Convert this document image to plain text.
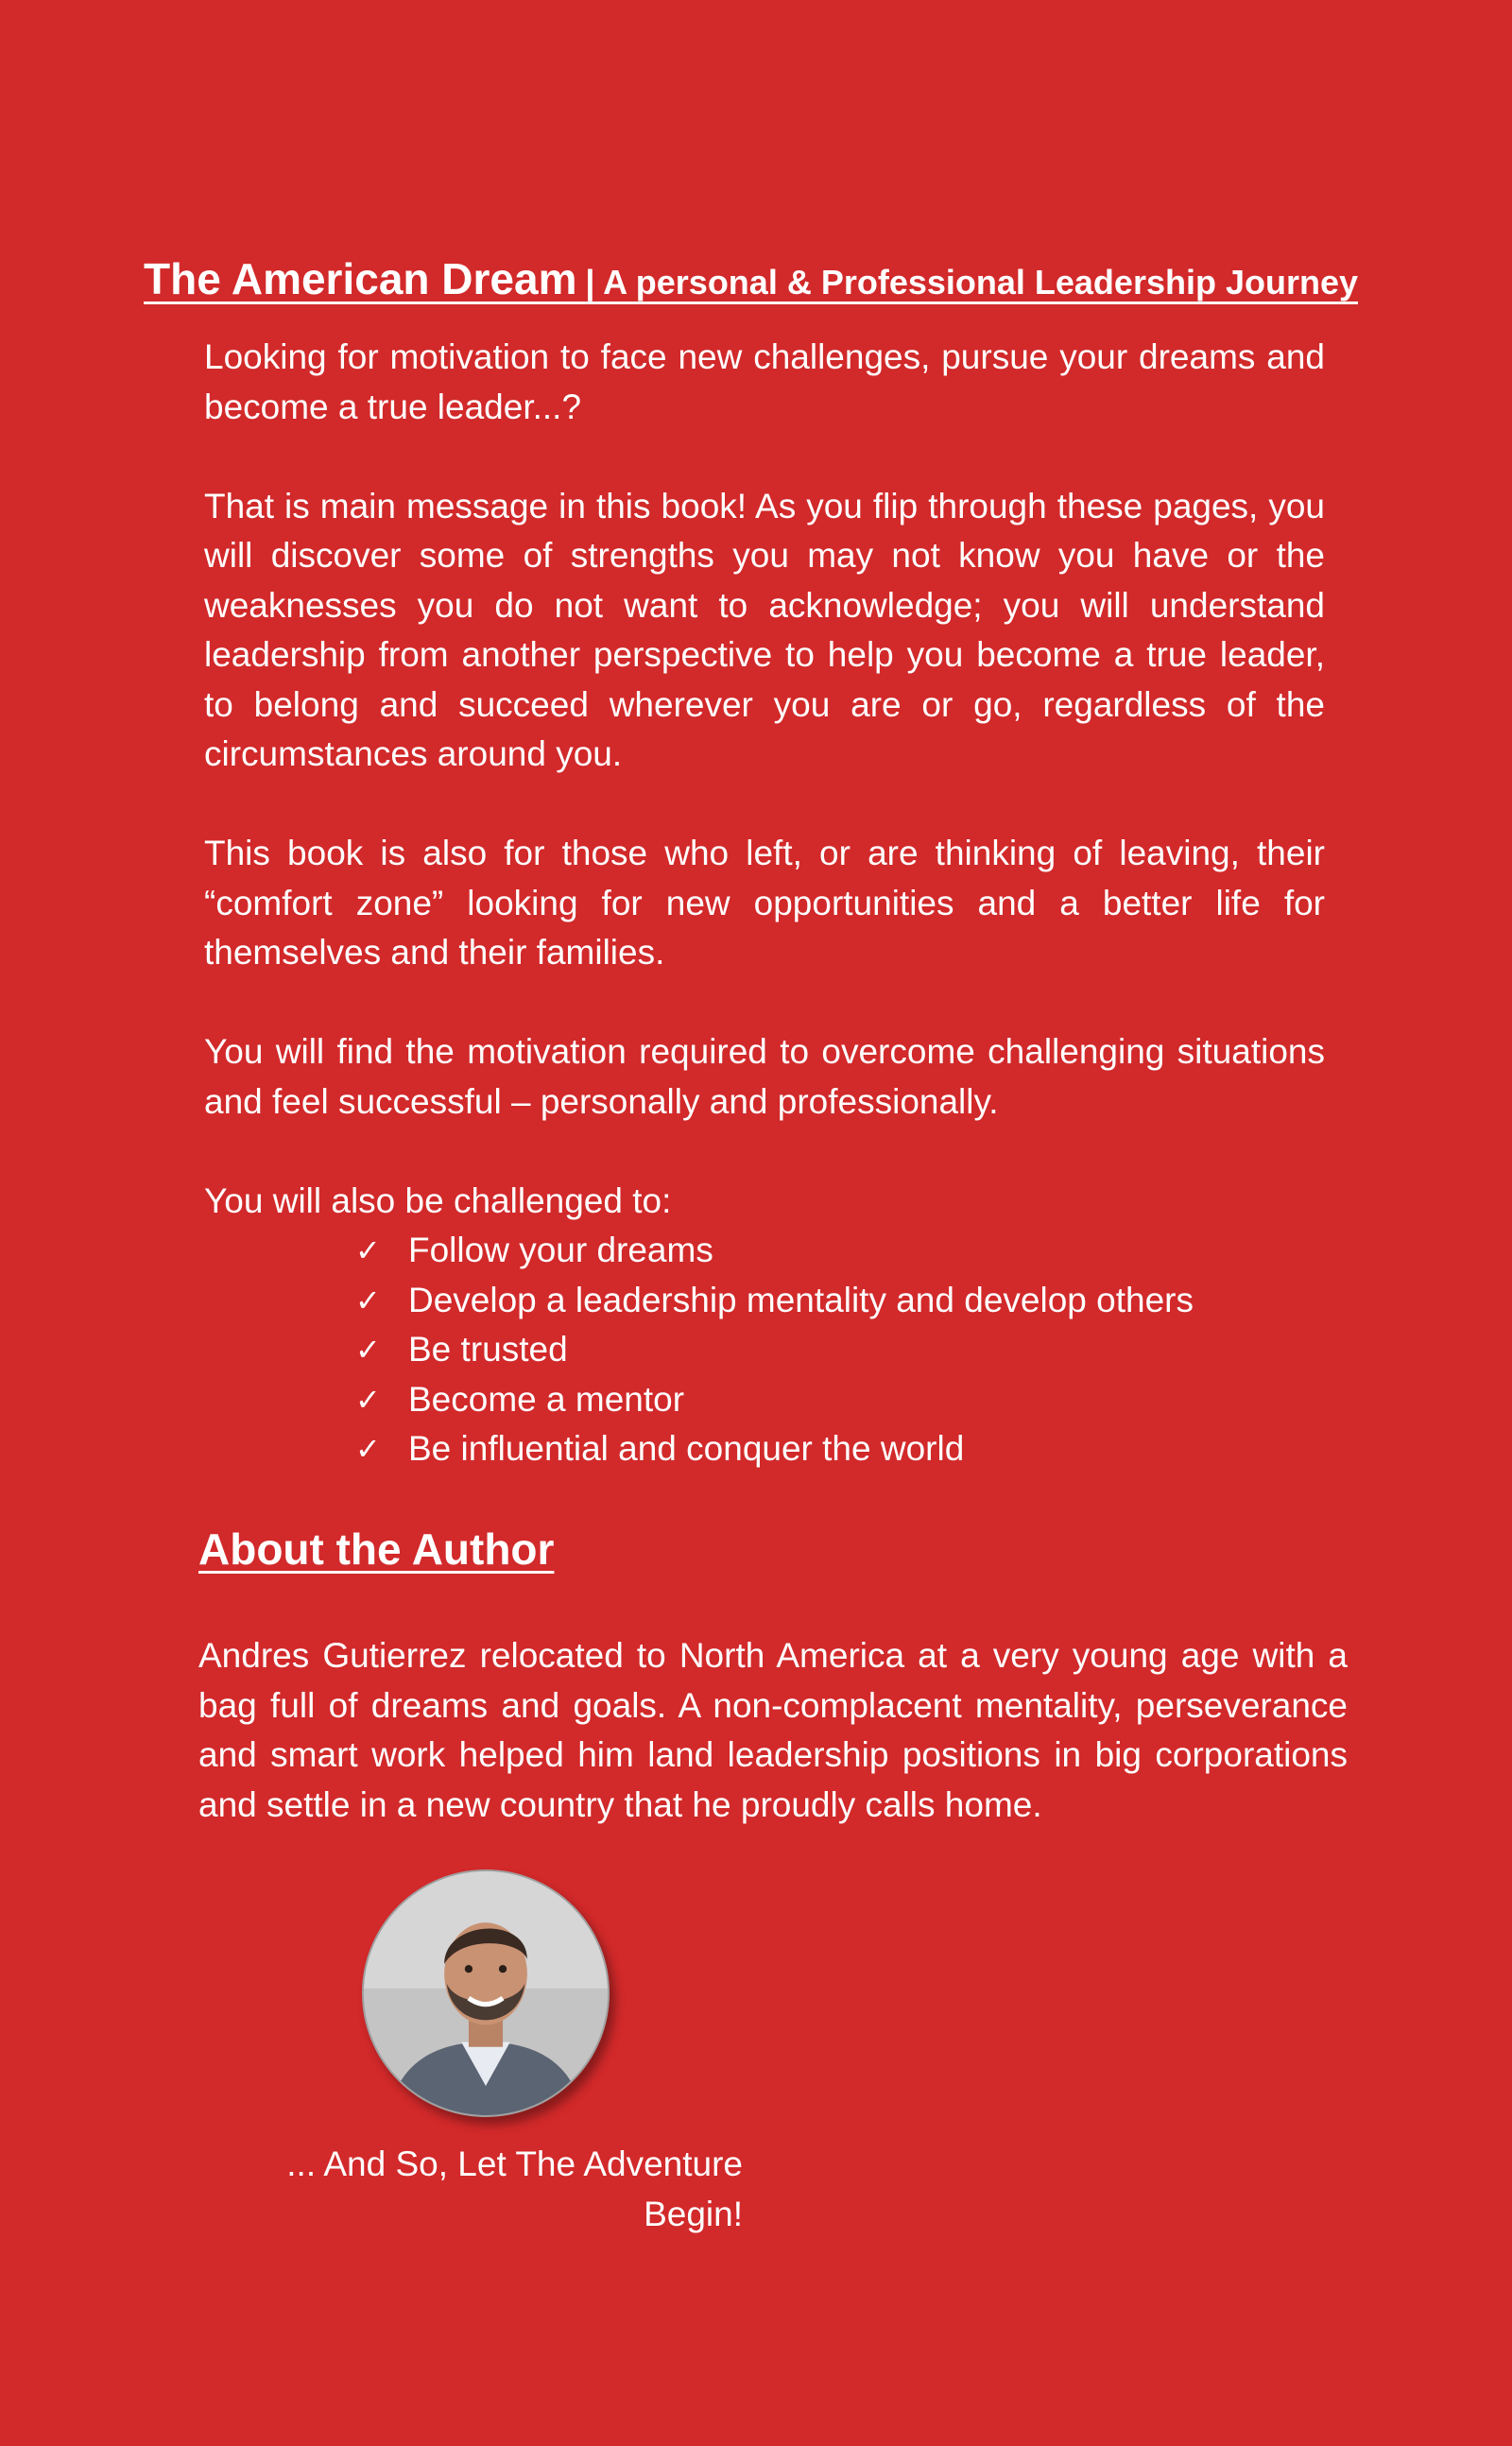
The American Dream | A personal & Professional Leadership Journey

Looking for motivation to face new challenges, pursue your dreams and become a true leader...?

That is main message in this book! As you flip through these pages, you will discover some of strengths you may not know you have or the weaknesses you do not want to acknowledge; you will understand leadership from another perspective to help you become a true leader, to belong and succeed wherever you are or go, regardless of the circumstances around you.

This book is also for those who left, or are thinking of leaving, their “comfort zone” looking for new opportunities and a better life for themselves and their families.

You will find the motivation required to overcome challenging situations and feel successful – personally and professionally.

You will also be challenged to:
✓ Follow your dreams
✓ Develop a leadership mentality and develop others
✓ Be trusted
✓ Become a mentor
✓ Be influential and conquer the world
About the Author

Andres Gutierrez relocated to North America at a very young age with a bag full of dreams and goals. A non-complacent mentality, perseverance and smart work helped him land leadership positions in big corporations and settle in a new country that he proudly calls home.

... And So, Let The Adventure Begin!
